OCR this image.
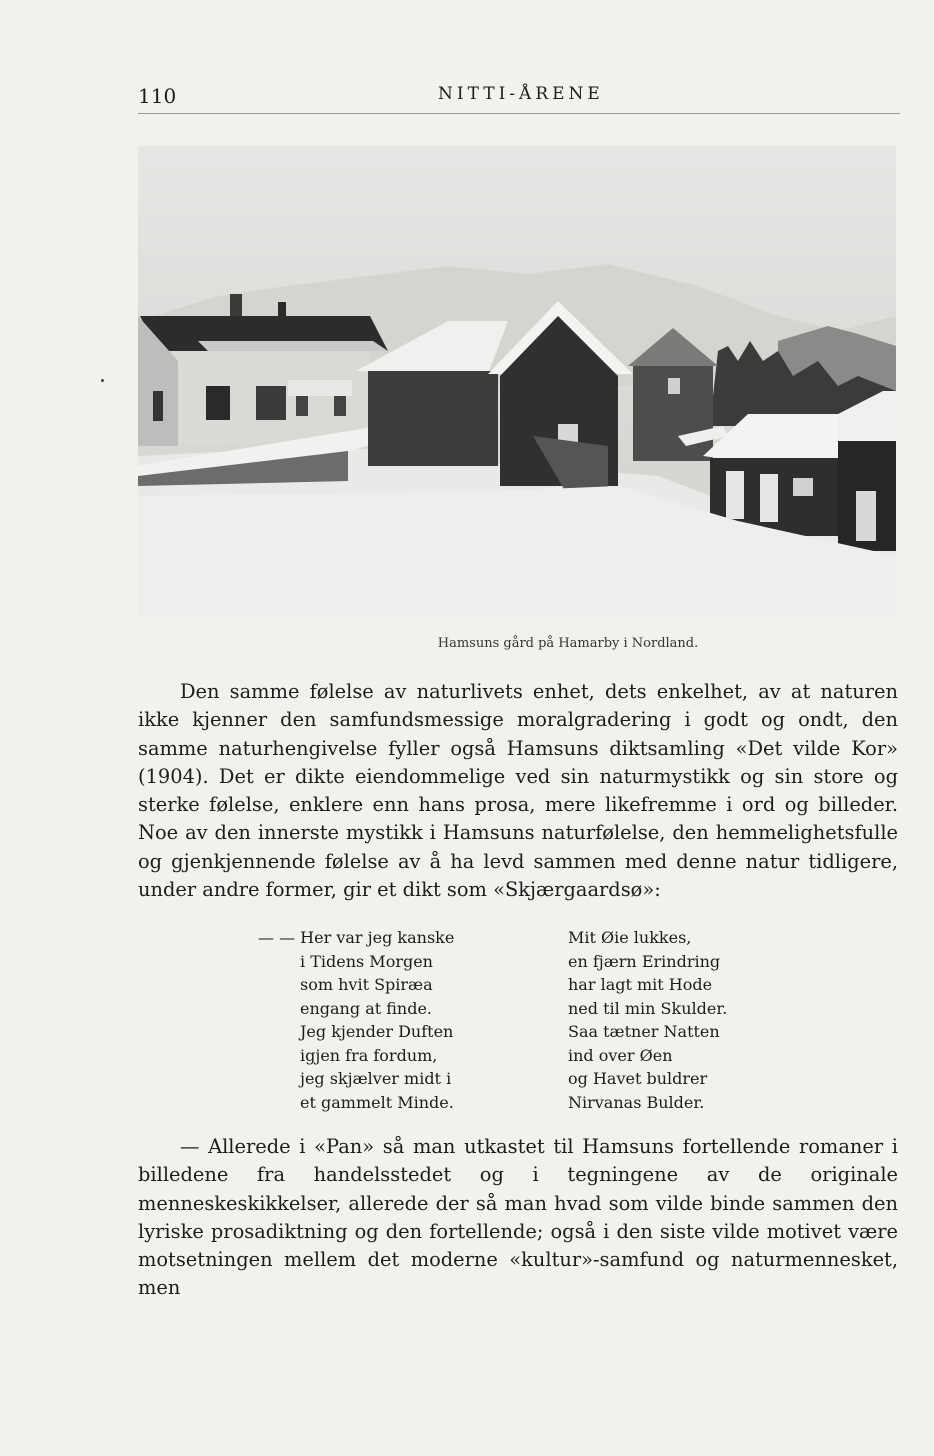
110	NITTI-ÅRENE
Hamsuns gård på Hamarby i Nordland.

Den samme følelse av naturlivets enhet, dets enkelhet, av at naturen ikke kjenner den samfundsmessige moralgradering i godt og ondt, den samme naturhengivelse fyller også Hamsuns diktsamling «Det vilde Kor» (1904). Det er dikte eiendommelige ved sin naturmystikk og sin store og sterke følelse, enklere enn hans prosa, mere likefremme i ord og billeder. Noe av den innerste mystikk i Hamsuns naturfølelse, den hemmelighetsfulle og gjenkjennende følelse av å ha levd sammen med denne natur tidligere, under andre former, gir et dikt som «Skjærgaardsø»:

— — Her var jeg kanske
i Tidens Morgen
som hvit Spiræa
engang at finde.
Jeg kjender Duften
igjen fra fordum,
jeg skjælver midt i
et gammelt Minde.
Mit Øie lukkes,
en fjærn Erindring
har lagt mit Hode
ned til min Skulder.
Saa tætner Natten
ind over Øen
og Havet buldrer
Nirvanas Bulder.

— Allerede i «Pan» så man utkastet til Hamsuns fortellende romaner i billedene fra handelsstedet og i tegningene av de originale menneskeskikkelser, allerede der så man hvad som vilde binde sammen den lyriske prosadiktning og den fortellende; også i den siste vilde motivet være motsetningen mellem det moderne «kultur»-samfund og naturmennesket, men
